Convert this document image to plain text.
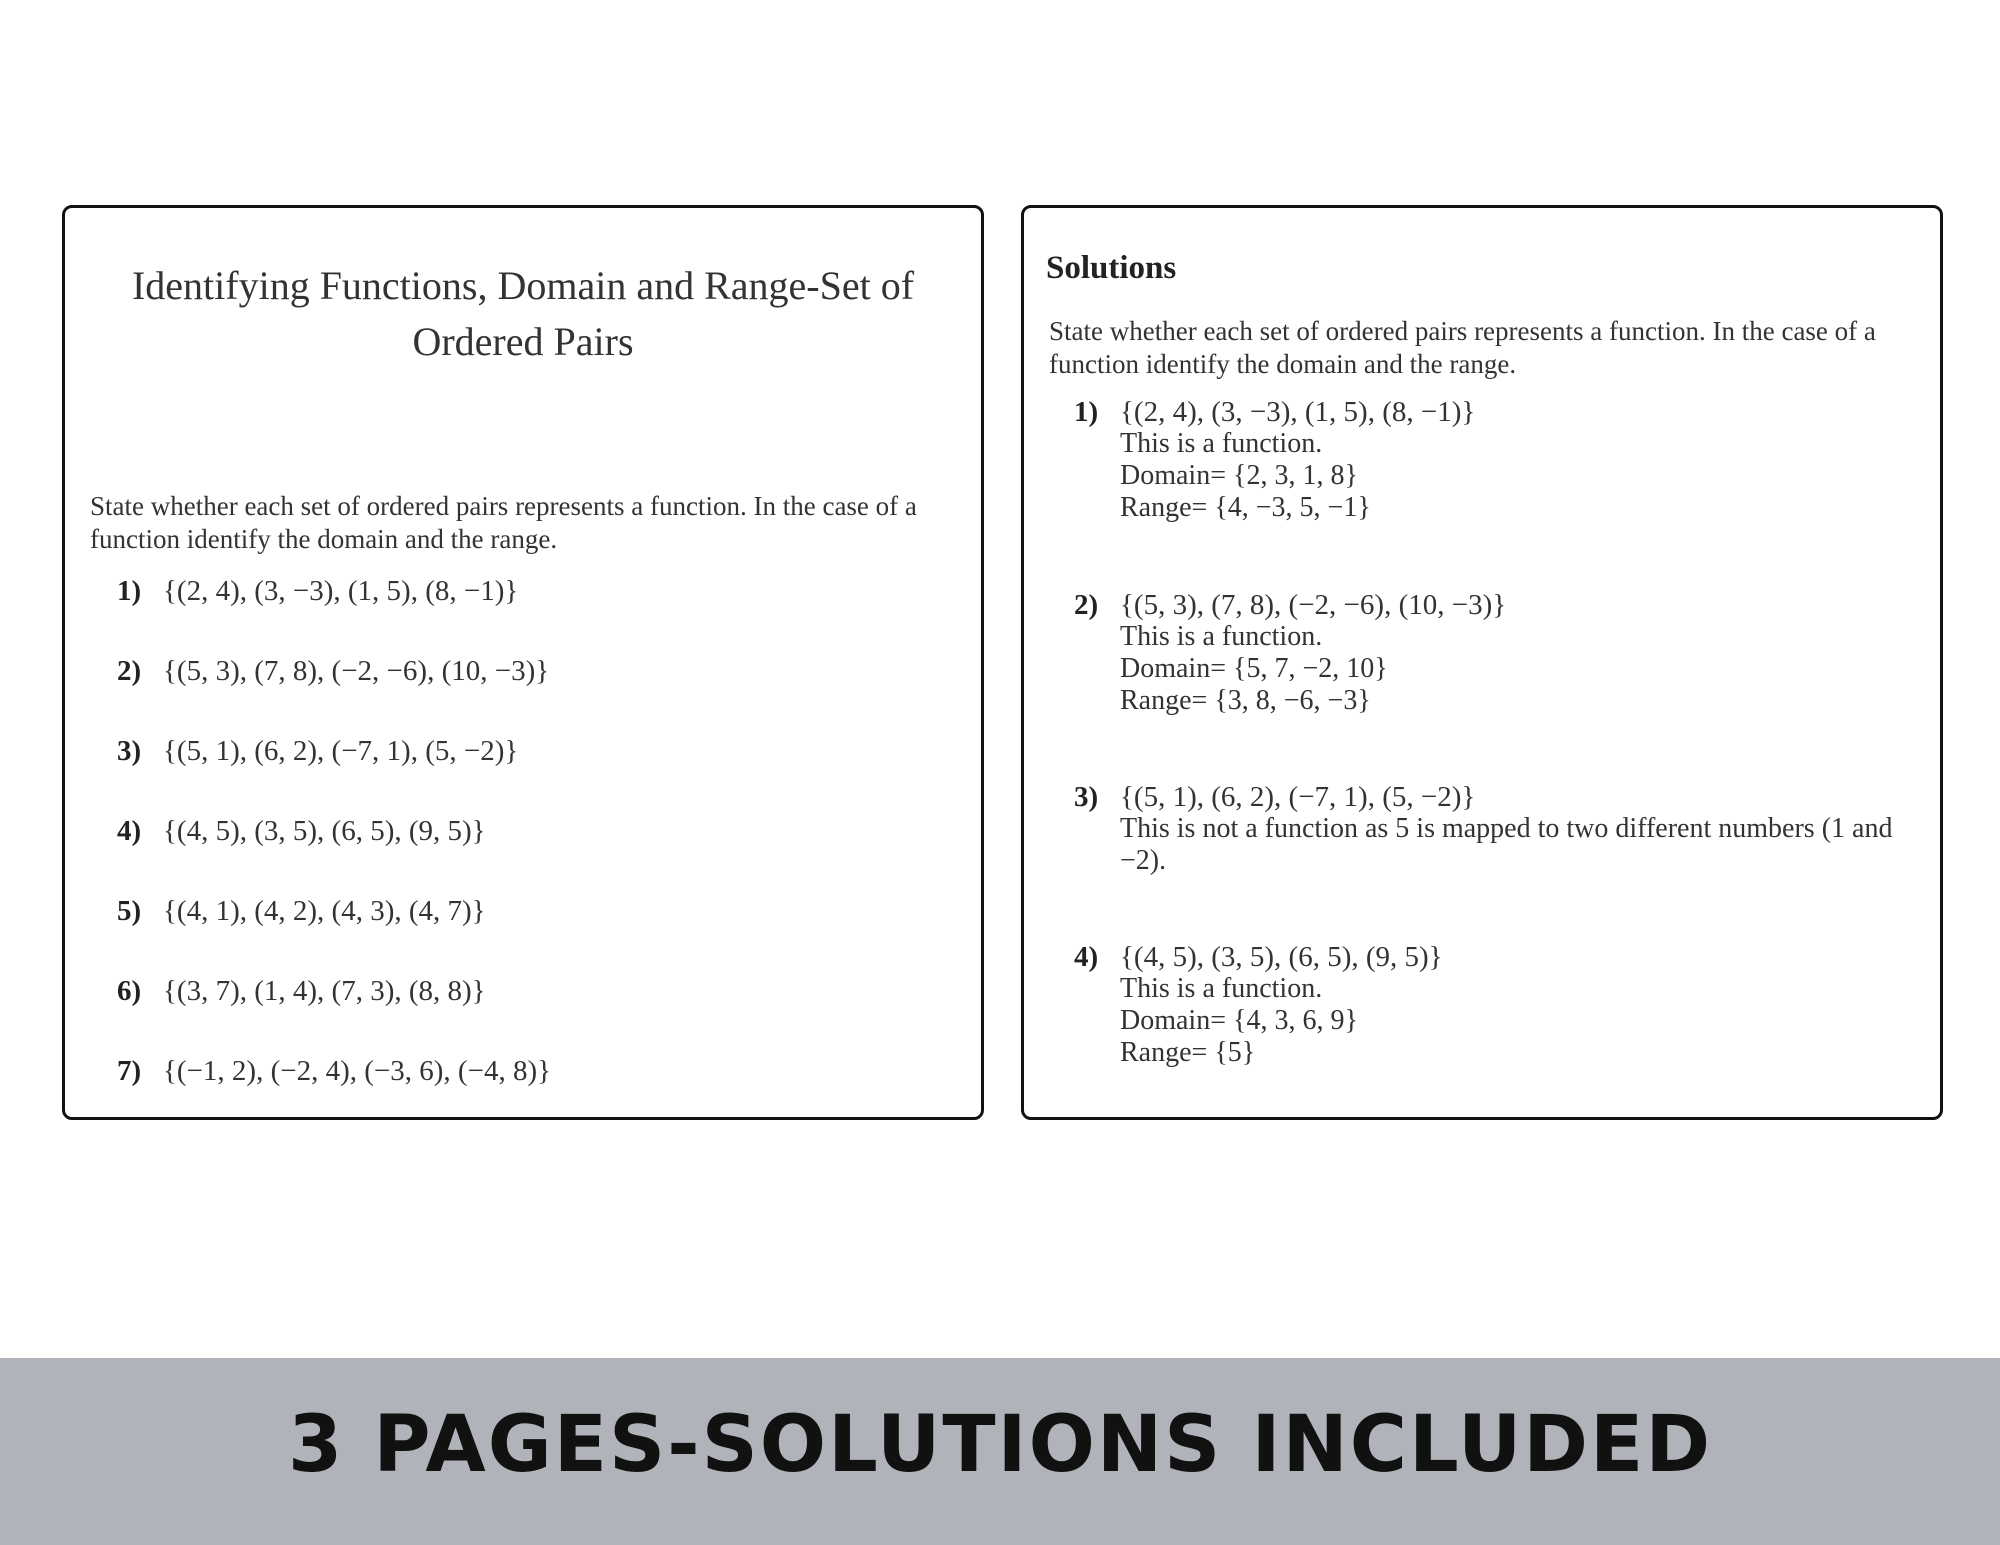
Identifying Functions, Domain and Range-Set of Ordered Pairs
State whether each set of ordered pairs represents a function. In the case of a function identify the domain and the range.
1) {(2, 4), (3, −3), (1, 5), (8, −1)}
2) {(5, 3), (7, 8), (−2, −6), (10, −3)}
3) {(5, 1), (6, 2), (−7, 1), (5, −2)}
4) {(4, 5), (3, 5), (6, 5), (9, 5)}
5) {(4, 1), (4, 2), (4, 3), (4, 7)}
6) {(3, 7), (1, 4), (7, 3), (8, 8)}
7) {(−1, 2), (−2, 4), (−3, 6), (−4, 8)}
Solutions
State whether each set of ordered pairs represents a function. In the case of a function identify the domain and the range.
1) {(2, 4), (3, −3), (1, 5), (8, −1)}
This is a function.
Domain= {2, 3, 1, 8}
Range= {4, −3, 5, −1}
2) {(5, 3), (7, 8), (−2, −6), (10, −3)}
This is a function.
Domain= {5, 7, −2, 10}
Range= {3, 8, −6, −3}
3) {(5, 1), (6, 2), (−7, 1), (5, −2)}
This is not a function as 5 is mapped to two different numbers (1 and −2).
4) {(4, 5), (3, 5), (6, 5), (9, 5)}
This is a function.
Domain= {4, 3, 6, 9}
Range= {5}
3 PAGES-SOLUTIONS INCLUDED
